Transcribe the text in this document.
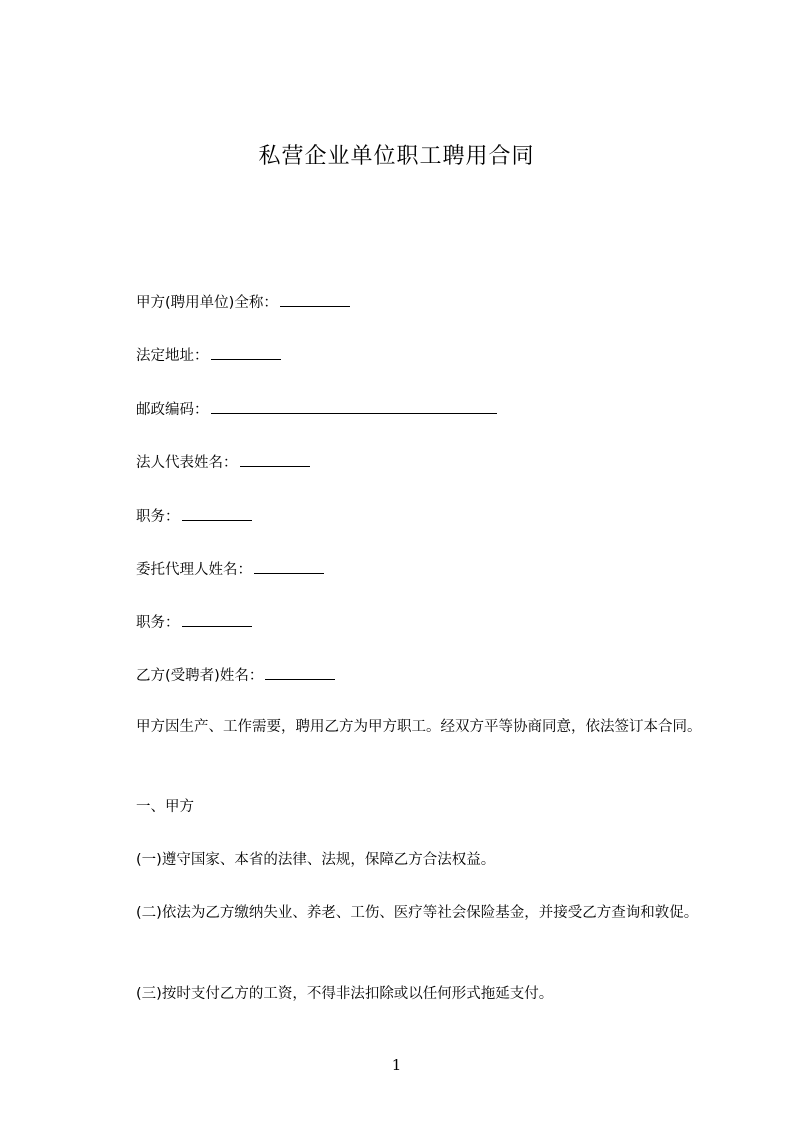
私营企业单位职工聘用合同
甲方(聘用单位)全称：
法定地址：
邮政编码：
法人代表姓名：
职务：
委托代理人姓名：
职务：
乙方(受聘者)姓名：

甲方因生产、工作需要，聘用乙方为甲方职工。经双方平等协商同意，依法签订本合同。

一、甲方

(一)遵守国家、本省的法律、法规，保障乙方合法权益。

(二)依法为乙方缴纳失业、养老、工伤、医疗等社会保险基金，并接受乙方查询和敦促。

(三)按时支付乙方的工资，不得非法扣除或以任何形式拖延支付。

1
